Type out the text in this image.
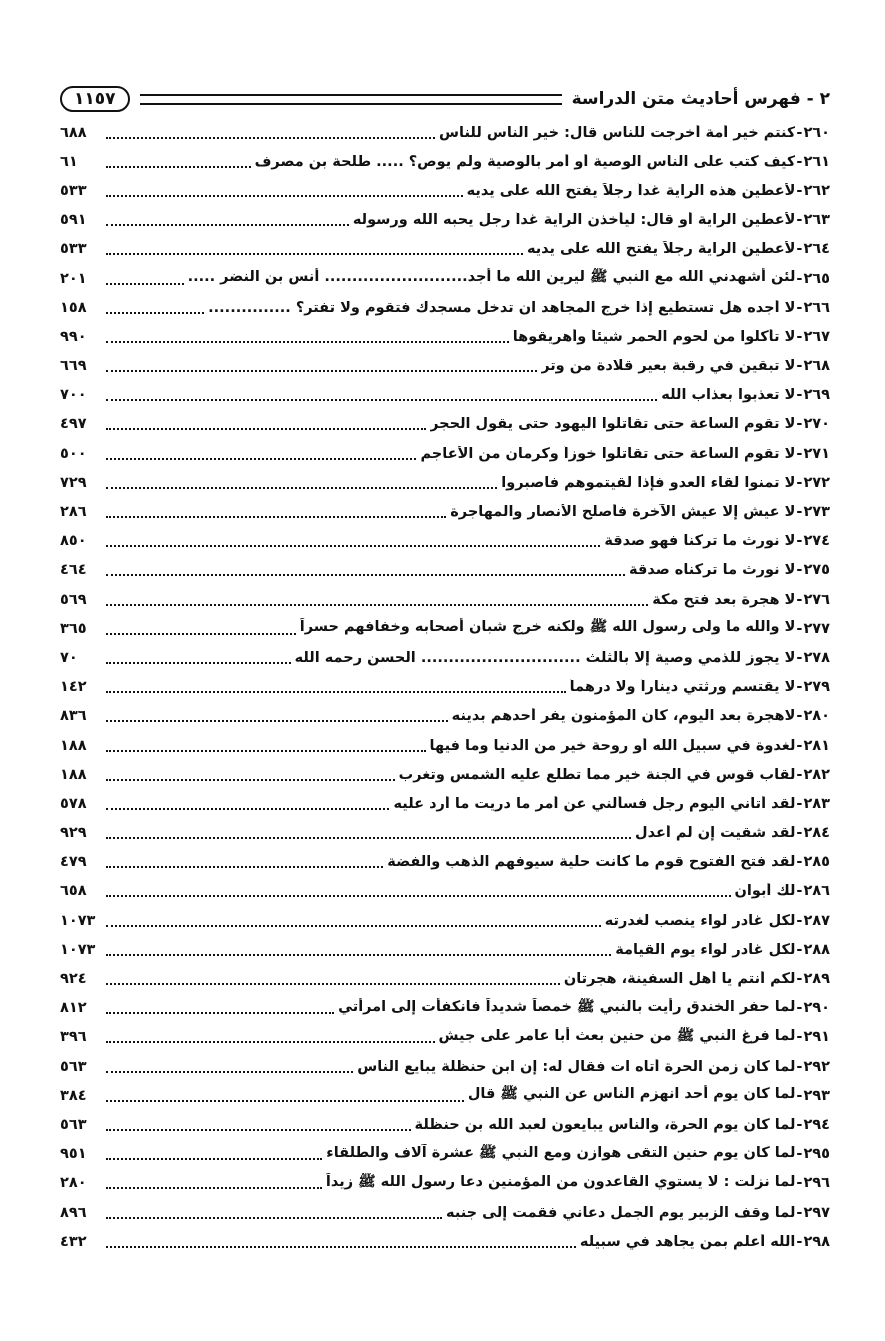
٢ - فهرس أحاديث متن الدراسة
١١٥٧
٢٦٠
-
كنتم خير أمة أخرجت للناس قال: خير الناس للناس
٦٨٨
٢٦١
-
كيف كتب على الناس الوصية أو أمر بالوصية ولم يوص؟ ..... طلحة بن مصرف
٦١
٢٦٢
-
لأعطين هذه الراية غداً رجلاً يفتح الله على يديه
٥٣٣
٢٦٣
-
لأعطين الراية أو قال: ليأخذن الراية غداً رجل يحبه الله ورسوله
٥٩١
٢٦٤
-
لأعطين الراية رجلاً يفتح الله على يديه
٥٣٣
٢٦٥
-
لئن أشهدني الله مع النبي ﷺ ليرين الله ما أجد.......................... أنس بن النضر .....
٢٠١
٢٦٦
-
لا أجده هل تستطيع إذا خرج المجاهد ان تدخل مسجدك فتقوم ولا تفتر؟ ...............
١٥٨
٢٦٧
-
لا تأكلوا من لحوم الحمر شيئاً وأهريقوها
٩٩٠
٢٦٨
-
لا تبقين في رقبة بعير قلادة من وتر
٦٦٩
٢٦٩
-
لا تعذبوا بعذاب الله
٧٠٠
٢٧٠
-
لا تقوم الساعة حتى تقاتلوا اليهود حتى يقول الحجر
٤٩٧
٢٧١
-
لا تقوم الساعة حتى تقاتلوا خوزاً وكرمان من الأعاجم
٥٠٠
٢٧٢
-
لا تمنوا لقاء العدو فإذا لقيتموهم فاصبروا
٧٢٩
٢٧٣
-
لا عيش إلا عيش الآخرة فأصلح الأنصار والمهاجرة
٢٨٦
٢٧٤
-
لا نورث ما تركنا فهو صدقة
٨٥٠
٢٧٥
-
لا نورث ما تركناه صدقة
٤٦٤
٢٧٦
-
لا هجرة بعد فتح مكة
٥٦٩
٢٧٧
-
لا والله ما ولى رسول الله ﷺ ولكنه خرج شبان أصحابه وخفافهم حسراً
٣٦٥
٢٧٨
-
لا يجوز للذمي وصية إلا بالثلث ............................. الحسن رحمه الله
٧٠
٢٧٩
-
لا يقتسم ورثتي ديناراً ولا درهماً
١٤٢
٢٨٠
-
لاهجرة بعد اليوم، كان المؤمنون يفر أحدهم بدينه
٨٣٦
٢٨١
-
لغدوة في سبيل الله أو روحة خير من الدنيا وما فيها
١٨٨
٢٨٢
-
لقاب قوس في الجنة خير مما تطلع عليه الشمس وتغرب
١٨٨
٢٨٣
-
لقد أتاني اليوم رجل فسألني عن أمر ما دريت ما أرد عليه
٥٧٨
٢٨٤
-
لقد شقيت إن لم أعدل
٩٢٩
٢٨٥
-
لقد فتح الفتوح قوم ما كانت حلية سيوفهم الذهب والفضة
٤٧٩
٢٨٦
-
لك أبوان
٦٥٨
٢٨٧
-
لكل غادر لواء ينصب لغدرته
١٠٧٣
٢٨٨
-
لكل غادر لواء يوم القيامة
١٠٧٣
٢٨٩
-
لكم أنتم يا أهل السفينة، هجرتان
٩٢٤
٢٩٠
-
لما حفر الخندق رأيت بالنبي ﷺ خمصاً شديداً فانكفأت إلى امرأتي
٨١٢
٢٩١
-
لما فرغ النبي ﷺ من حنين بعث أبا عامر على جيش
٣٩٦
٢٩٢
-
لما كان زمن الحرة أتاه ات فقال له: إن ابن حنظلة يبايع الناس
٥٦٣
٢٩٣
-
لما كان يوم أحد انهزم الناس عن النبي ﷺ قال
٣٨٤
٢٩٤
-
لما كان يوم الحرة، والناس يبايعون لعبد الله بن حنظلة
٥٦٣
٢٩٥
-
لما كان يوم حنين التقى هوازن ومع النبي ﷺ عشرة آلاف والطلقاء
٩٥١
٢٩٦
-
لما نزلت : لا يستوي القاعدون من المؤمنين دعا رسول الله ﷺ زيداً
٢٨٠
٢٩٧
-
لما وقف الزبير يوم الجمل دعاني فقمت إلى جنبه
٨٩٦
٢٩٨
-
الله أعلم بمن يجاهد في سبيله
٤٣٢
